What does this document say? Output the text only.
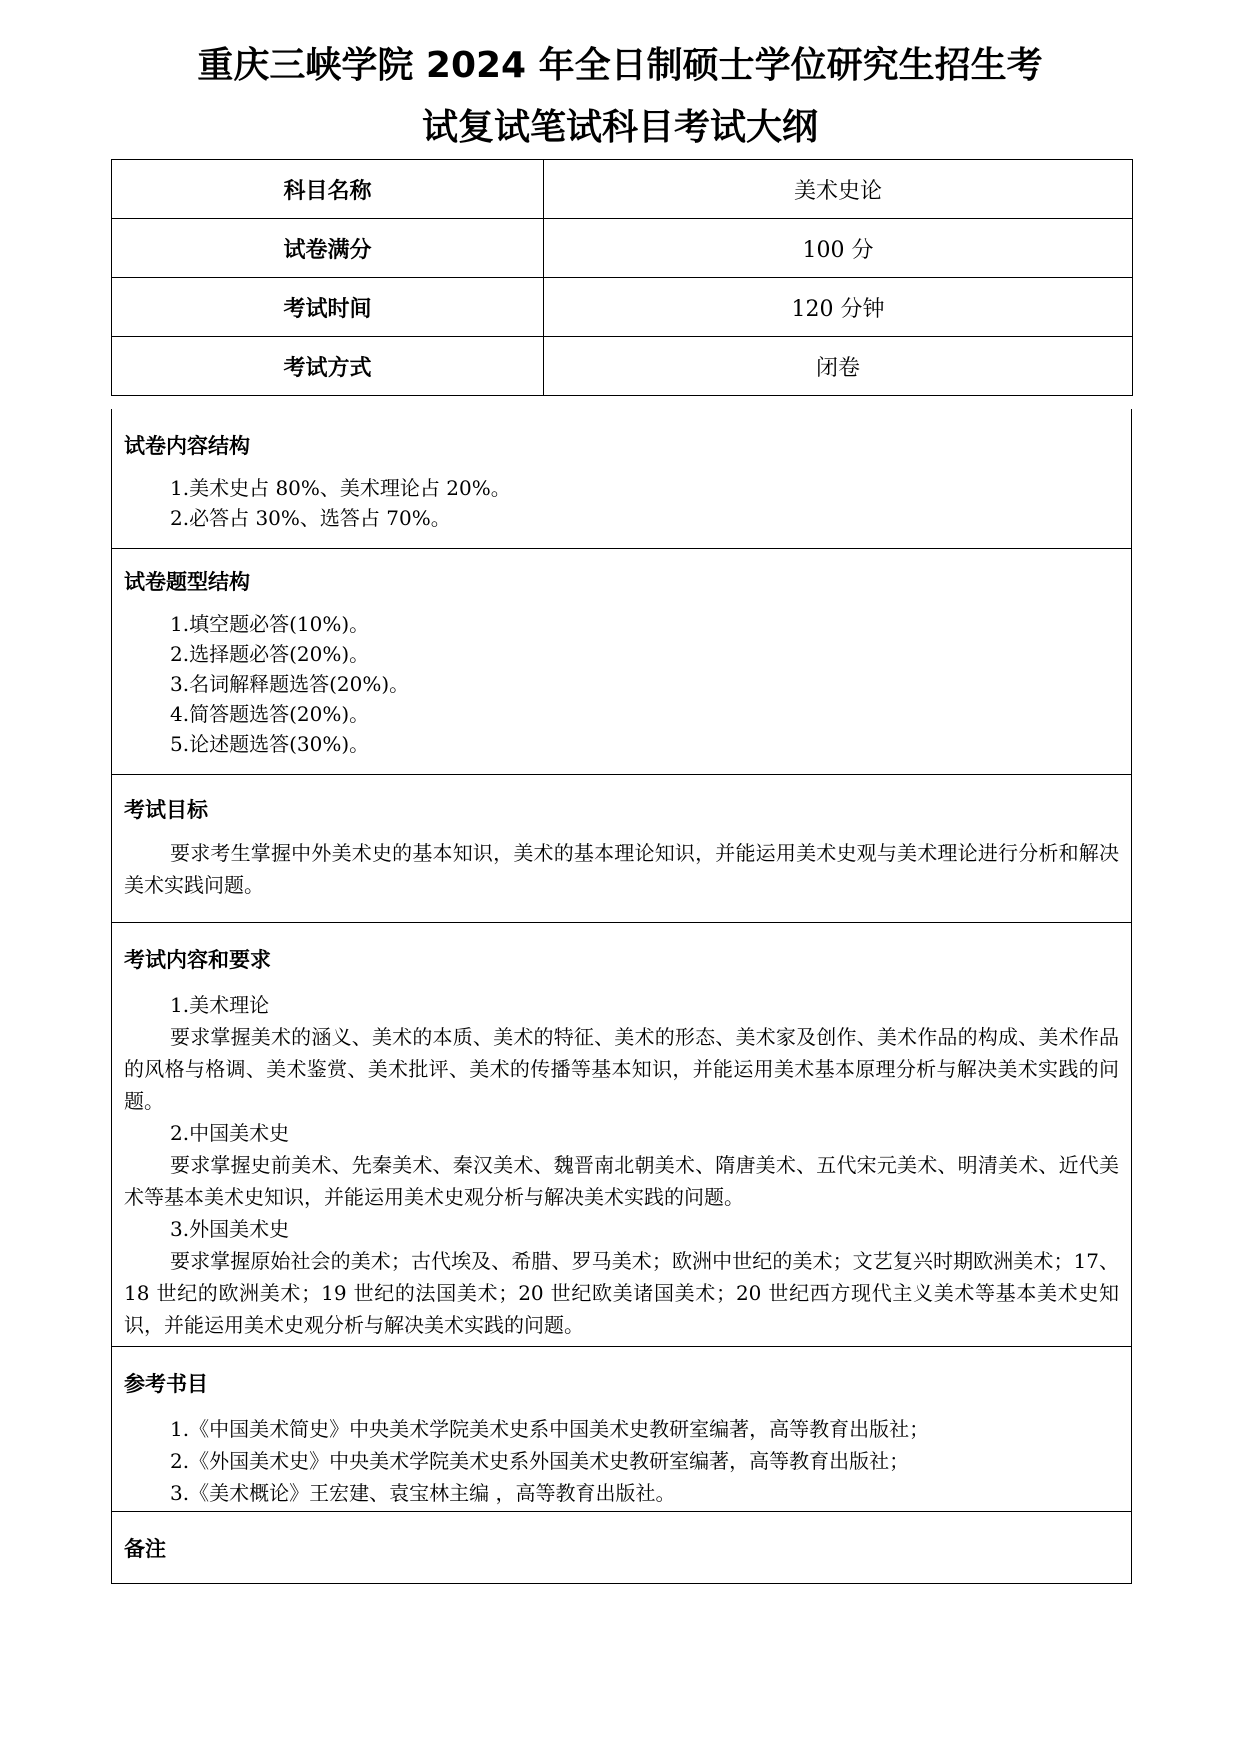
重庆三峡学院 2024 年全日制硕士学位研究生招生考
试复试笔试科目考试大纲
科目名称	美术史论
试卷满分	100 分
考试时间	120 分钟
考试方式	闭卷
试卷内容结构
1.美术史占 80%、美术理论占 20%。
2.必答占 30%、选答占 70%。
试卷题型结构
1.填空题必答(10%)。
2.选择题必答(20%)。
3.名词解释题选答(20%)。
4.简答题选答(20%)。
5.论述题选答(30%)。
考试目标

要求考生掌握中外美术史的基本知识，美术的基本理论知识，并能运用美术史观与美术理论进行分析和解决美术实践问题。

考试内容和要求

1.美术理论

要求掌握美术的涵义、美术的本质、美术的特征、美术的形态、美术家及创作、美术作品的构成、美术作品的风格与格调、美术鉴赏、美术批评、美术的传播等基本知识，并能运用美术基本原理分析与解决美术实践的问题。

2.中国美术史

要求掌握史前美术、先秦美术、秦汉美术、魏晋南北朝美术、隋唐美术、五代宋元美术、明清美术、近代美术等基本美术史知识，并能运用美术史观分析与解决美术实践的问题。

3.外国美术史

要求掌握原始社会的美术；古代埃及、希腊、罗马美术；欧洲中世纪的美术；文艺复兴时期欧洲美术；17、18 世纪的欧洲美术；19 世纪的法国美术；20 世纪欧美诸国美术；20 世纪西方现代主义美术等基本美术史知识，并能运用美术史观分析与解决美术实践的问题。

参考书目
1.《中国美术简史》中央美术学院美术史系中国美术史教研室编著，高等教育出版社；
2.《外国美术史》中央美术学院美术史系外国美术史教研室编著，高等教育出版社；
3.《美术概论》王宏建、袁宝林主编 ，高等教育出版社。
备注
